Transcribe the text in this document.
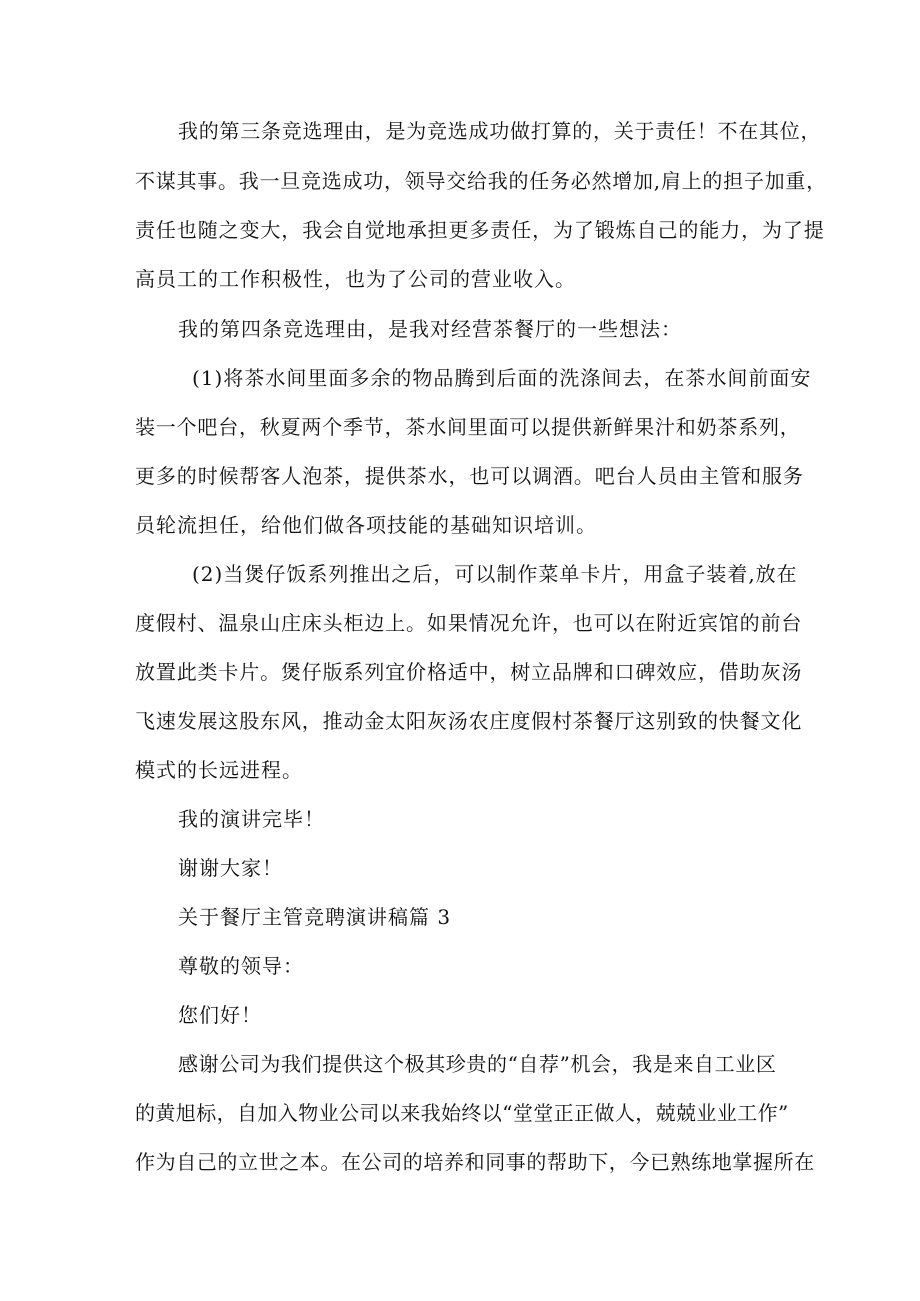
我的第三条竞选理由，是为竞选成功做打算的，关于责任！不在其位，
不谋其事。我一旦竞选成功，领导交给我的任务必然增加,肩上的担子加重，
责任也随之变大，我会自觉地承担更多责任，为了锻炼自己的能力，为了提
高员工的工作积极性，也为了公司的营业收入。
我的第四条竞选理由，是我对经营茶餐厅的一些想法：
(1)将茶水间里面多余的物品腾到后面的洗涤间去，在茶水间前面安
装一个吧台，秋夏两个季节，茶水间里面可以提供新鲜果汁和奶茶系列，
更多的时候帮客人泡茶，提供茶水，也可以调酒。吧台人员由主管和服务
员轮流担任，给他们做各项技能的基础知识培训。
(2)当煲仔饭系列推出之后，可以制作菜单卡片，用盒子装着,放在
度假村、温泉山庄床头柜边上。如果情况允许，也可以在附近宾馆的前台
放置此类卡片。煲仔版系列宜价格适中，树立品牌和口碑效应，借助灰汤
飞速发展这股东风，推动金太阳灰汤农庄度假村茶餐厅这别致的快餐文化
模式的长远进程。
我的演讲完毕！
谢谢大家！
关于餐厅主管竞聘演讲稿篇 3
尊敬的领导：
您们好！
感谢公司为我们提供这个极其珍贵的“自荐”机会，我是来自工业区
的黄旭标，自加入物业公司以来我始终以“堂堂正正做人，兢兢业业工作”
作为自己的立世之本。在公司的培养和同事的帮助下，今已熟练地掌握所在
